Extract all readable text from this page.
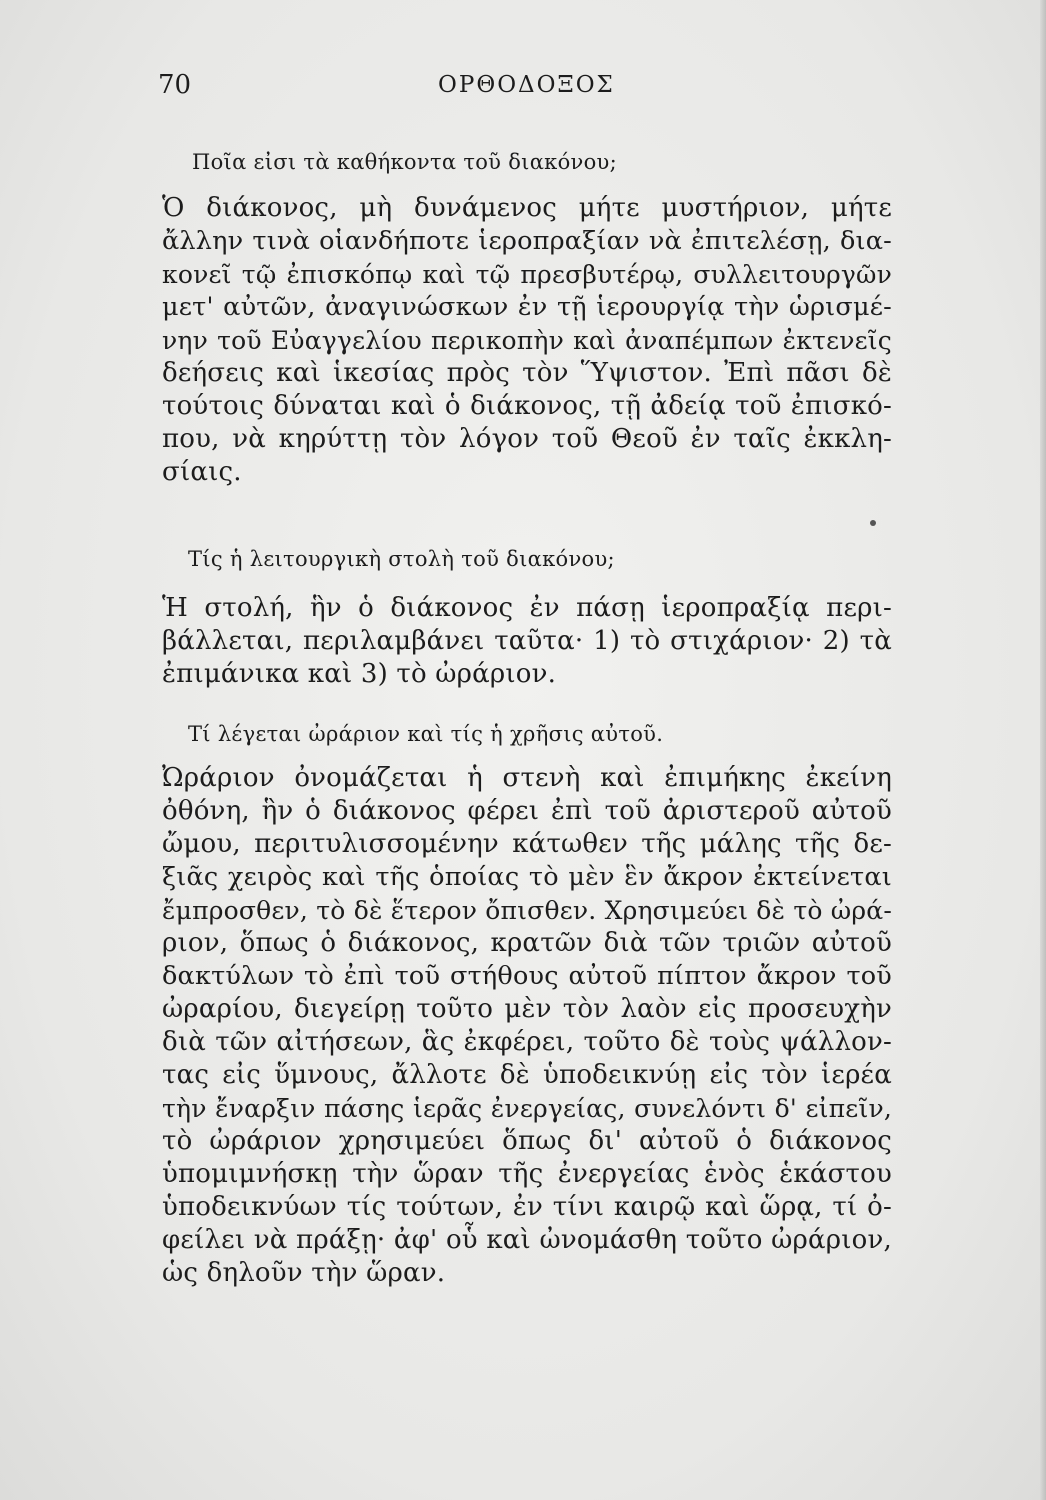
70	ΟΡΘΟΔΟΞΟΣ
Ποῖα εἰσι τὰ καθήκοντα τοῦ διακόνου;
Ὁ διάκονος, μὴ δυνάμενος μήτε μυστήριον, μήτε
ἄλλην τινὰ οἱανδήποτε ἱεροπραξίαν νὰ ἐπιτελέσῃ, δια-
κονεῖ τῷ ἐπισκόπῳ καὶ τῷ πρεσβυτέρῳ, συλλειτουργῶν
μετ' αὐτῶν, ἀναγινώσκων ἐν τῇ ἱερουργίᾳ τὴν ὡρισμέ-
νην τοῦ Εὐαγγελίου περικοπὴν καὶ ἀναπέμπων ἐκτενεῖς
δεήσεις καὶ ἱκεσίας πρὸς τὸν Ὕψιστον. Ἐπὶ πᾶσι δὲ
τούτοις δύναται καὶ ὁ διάκονος, τῇ ἀδείᾳ τοῦ ἐπισκό-
που, νὰ κηρύττῃ τὸν λόγον τοῦ Θεοῦ ἐν ταῖς ἐκκλη-
σίαις.
Τίς ἡ λειτουργικὴ στολὴ τοῦ διακόνου;
Ἡ στολή, ἣν ὁ διάκονος ἐν πάσῃ ἱεροπραξίᾳ περι-
βάλλεται, περιλαμβάνει ταῦτα· 1) τὸ στιχάριον· 2) τὰ
ἐπιμάνικα καὶ 3) τὸ ὠράριον.
Τί λέγεται ὠράριον καὶ τίς ἡ χρῆσις αὐτοῦ.
Ὠράριον ὀνομάζεται ἡ στενὴ καὶ ἐπιμήκης ἐκείνη
ὀθόνη, ἣν ὁ διάκονος φέρει ἐπὶ τοῦ ἀριστεροῦ αὐτοῦ
ὤμου, περιτυλισσομένην κάτωθεν τῆς μάλης τῆς δε-
ξιᾶς χειρὸς καὶ τῆς ὁποίας τὸ μὲν ἓν ἄκρον ἐκτείνεται
ἔμπροσθεν, τὸ δὲ ἕτερον ὄπισθεν. Χρησιμεύει δὲ τὸ ὠρά-
ριον, ὅπως ὁ διάκονος, κρατῶν διὰ τῶν τριῶν αὐτοῦ
δακτύλων τὸ ἐπὶ τοῦ στήθους αὐτοῦ πίπτον ἄκρον τοῦ
ὠραρίου, διεγείρῃ τοῦτο μὲν τὸν λαὸν εἰς προσευχὴν
διὰ τῶν αἰτήσεων, ἃς ἐκφέρει, τοῦτο δὲ τοὺς ψάλλον-
τας εἰς ὕμνους, ἄλλοτε δὲ ὑποδεικνύῃ εἰς τὸν ἱερέα
τὴν ἔναρξιν πάσης ἱερᾶς ἐνεργείας, συνελόντι δ' εἰπεῖν,
τὸ ὠράριον χρησιμεύει ὅπως δι' αὐτοῦ ὁ διάκονος
ὑπομιμνήσκῃ τὴν ὥραν τῆς ἐνεργείας ἑνὸς ἑκάστου
ὑποδεικνύων τίς τούτων, ἐν τίνι καιρῷ καὶ ὥρᾳ, τί ὀ-
φείλει νὰ πράξῃ· ἀφ' οὗ καὶ ὠνομάσθη τοῦτο ὠράριον,
ὡς δηλοῦν τὴν ὥραν.
